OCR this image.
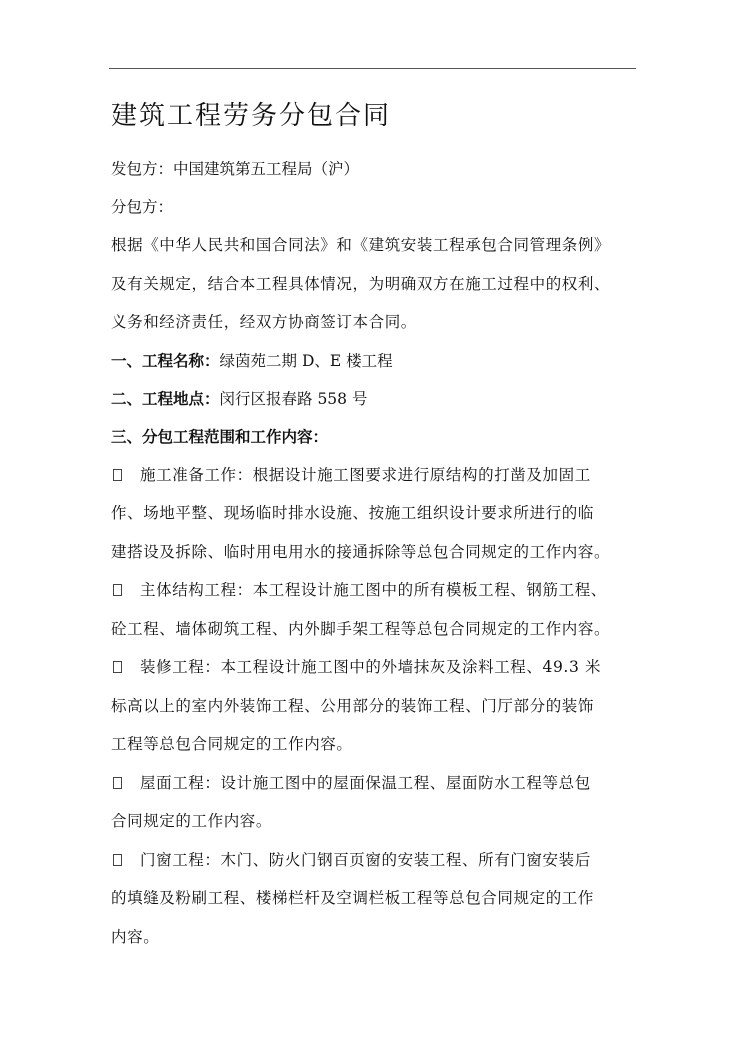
建筑工程劳务分包合同

发包方：中国建筑第五工程局（沪）

分包方：

根据《中华人民共和国合同法》和《建筑安装工程承包合同管理条例》

及有关规定，结合本工程具体情况，为明确双方在施工过程中的权利、

义务和经济责任，经双方协商签订本合同。

一、工程名称：绿茵苑二期 D、E 楼工程

二、工程地点：闵行区报春路 558 号

三、分包工程范围和工作内容：

施工准备工作：根据设计施工图要求进行原结构的打凿及加固工

作、场地平整、现场临时排水设施、按施工组织设计要求所进行的临

建搭设及拆除、临时用电用水的接通拆除等总包合同规定的工作内容。

主体结构工程：本工程设计施工图中的所有模板工程、钢筋工程、

砼工程、墙体砌筑工程、内外脚手架工程等总包合同规定的工作内容。

装修工程：本工程设计施工图中的外墙抹灰及涂料工程、49.3 米

标高以上的室内外装饰工程、公用部分的装饰工程、门厅部分的装饰

工程等总包合同规定的工作内容。

屋面工程：设计施工图中的屋面保温工程、屋面防水工程等总包

合同规定的工作内容。

门窗工程：木门、防火门钢百页窗的安装工程、所有门窗安装后

的填缝及粉刷工程、楼梯栏杆及空调栏板工程等总包合同规定的工作

内容。
